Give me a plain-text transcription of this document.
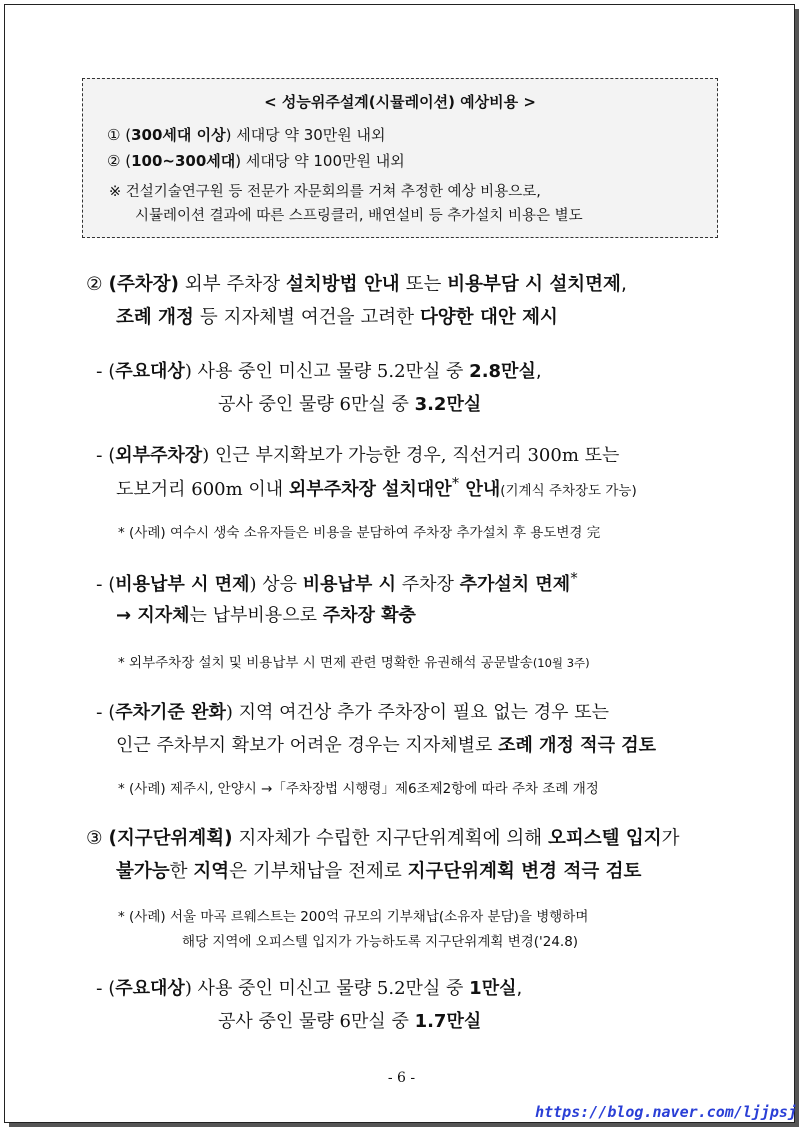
< 성능위주설계(시뮬레이션) 예상비용 >
① (300세대 이상) 세대당 약 30만원 내외
② (100~300세대) 세대당 약 100만원 내외
※ 건설기술연구원 등 전문가 자문회의를 거쳐 추정한 예상 비용으로,
시뮬레이션 결과에 따른 스프링클러, 배연설비 등 추가설치 비용은 별도
② (주차장) 외부 주차장 설치방법 안내 또는 비용부담 시 설치면제,
조례 개정 등 지자체별 여건을 고려한 다양한 대안 제시
- (주요대상) 사용 중인 미신고 물량 5.2만실 중 2.8만실,
공사 중인 물량 6만실 중 3.2만실
- (외부주차장) 인근 부지확보가 가능한 경우, 직선거리 300m 또는
도보거리 600m 이내 외부주차장 설치대안* 안내(기계식 주차장도 가능)
* (사례) 여수시 생숙 소유자들은 비용을 분담하여 주차장 추가설치 후 용도변경 完
- (비용납부 시 면제) 상응 비용납부 시 주차장 추가설치 면제*
→ 지자체는 납부비용으로 주차장 확충
* 외부주차장 설치 및 비용납부 시 면제 관련 명확한 유권해석 공문발송(10월 3주)
- (주차기준 완화) 지역 여건상 추가 주차장이 필요 없는 경우 또는
인근 주차부지 확보가 어려운 경우는 지자체별로 조례 개정 적극 검토
* (사례) 제주시, 안양시 →「주차장법 시행령」제6조제2항에 따라 주차 조례 개정
③ (지구단위계획) 지자체가 수립한 지구단위계획에 의해 오피스텔 입지가
불가능한 지역은 기부채납을 전제로 지구단위계획 변경 적극 검토
* (사례) 서울 마곡 르웨스트는 200억 규모의 기부채납(소유자 분담)을 병행하며
해당 지역에 오피스텔 입지가 가능하도록 지구단위계획 변경('24.8)
- (주요대상) 사용 중인 미신고 물량 5.2만실 중 1만실,
공사 중인 물량 6만실 중 1.7만실
- 6 -
https://blog.naver.com/ljjpsj
